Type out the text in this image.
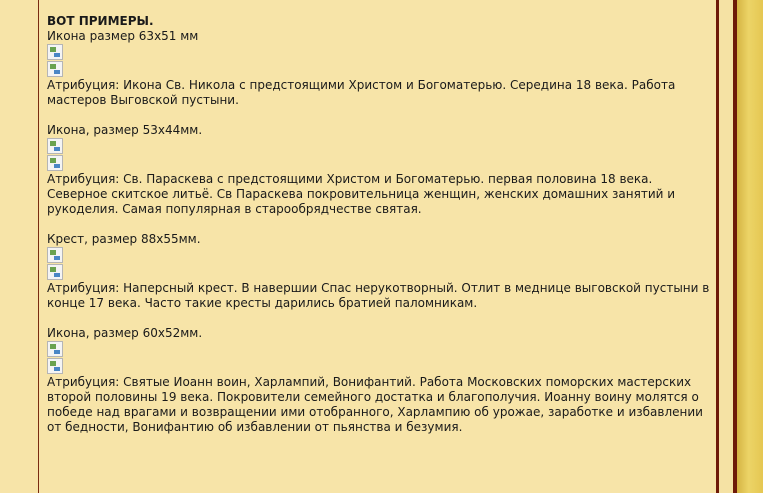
ВОТ ПРИМЕРЫ.

Икона размер 63х51 мм

Атрибуция: Икона Св. Никола с предстоящими Христом и Богоматерью. Середина 18 века. Работа мастеров Выговской пустыни.

Икона, размер 53х44мм.

Атрибуция: Св. Параскева с предстоящими Христом и Богоматерью. первая половина 18 века. Северное скитское литьё. Св Параскева покровительница женщин, женских домашних занятий и рукоделия. Самая популярная в старообрядчестве святая.

Крест, размер 88х55мм.

Атрибуция: Наперсный крест. В навершии Спас нерукотворный. Отлит в меднице выговской пустыни в конце 17 века. Часто такие кресты дарились братией паломникам.

Икона, размер 60х52мм.

Атрибуция: Святые Иоанн воин, Харлампий, Вонифантий. Работа Московских поморских мастерских второй половины 19 века. Покровители семейного достатка и благополучия. Иоанну воину молятся о победе над врагами и возвращении ими отобранного, Харлампию об урожае, заработке и избавлении от бедности, Вонифантию об избавлении от пьянства и безумия.
